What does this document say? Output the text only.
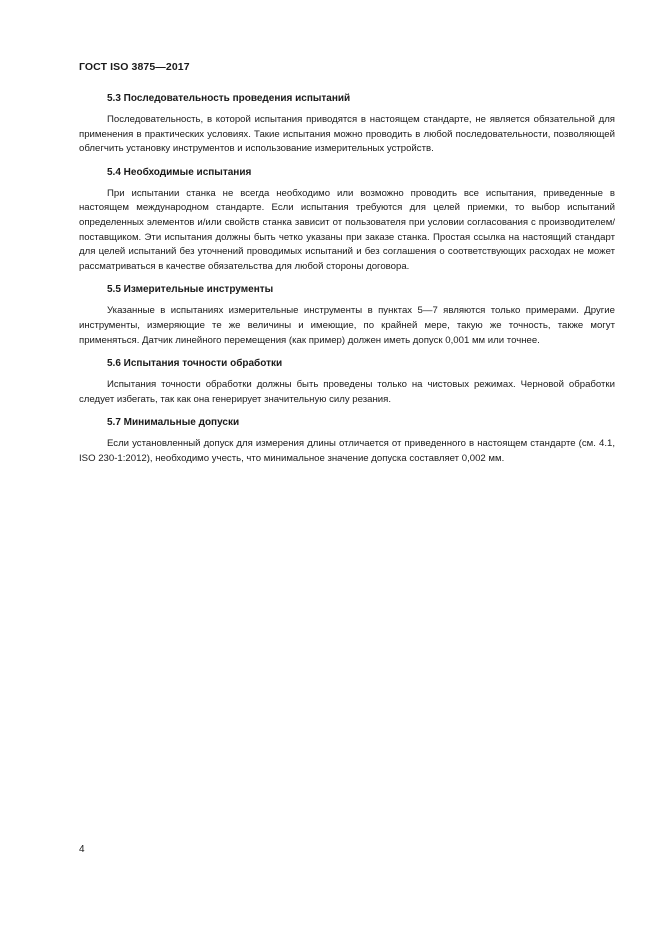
ГОСТ ISO 3875—2017
5.3 Последовательность проведения испытаний

Последовательность, в которой испытания приводятся в настоящем стандарте, не является обязательной для применения в практических условиях. Такие испытания можно проводить в любой последовательности, позволяющей облегчить установку инструментов и использование измерительных устройств.

5.4 Необходимые испытания

При испытании станка не всегда необходимо или возможно проводить все испытания, приведенные в настоящем международном стандарте. Если испытания требуются для целей приемки, то выбор испытаний определенных элементов и/или свойств станка зависит от пользователя при условии согласования с производителем/поставщиком. Эти испытания должны быть четко указаны при заказе станка. Простая ссылка на настоящий стандарт для целей испытаний без уточнений проводимых испытаний и без соглашения о соответствующих расходах не может рассматриваться в качестве обязательства для любой стороны договора.

5.5 Измерительные инструменты

Указанные в испытаниях измерительные инструменты в пунктах 5—7 являются только примерами. Другие инструменты, измеряющие те же величины и имеющие, по крайней мере, такую же точность, также могут применяться. Датчик линейного перемещения (как пример) должен иметь допуск 0,001 мм или точнее.

5.6 Испытания точности обработки

Испытания точности обработки должны быть проведены только на чистовых режимах. Черновой обработки следует избегать, так как она генерирует значительную силу резания.

5.7 Минимальные допуски

Если установленный допуск для измерения длины отличается от приведенного в настоящем стандарте (см. 4.1, ISO 230-1:2012), необходимо учесть, что минимальное значение допуска составляет 0,002 мм.

4
